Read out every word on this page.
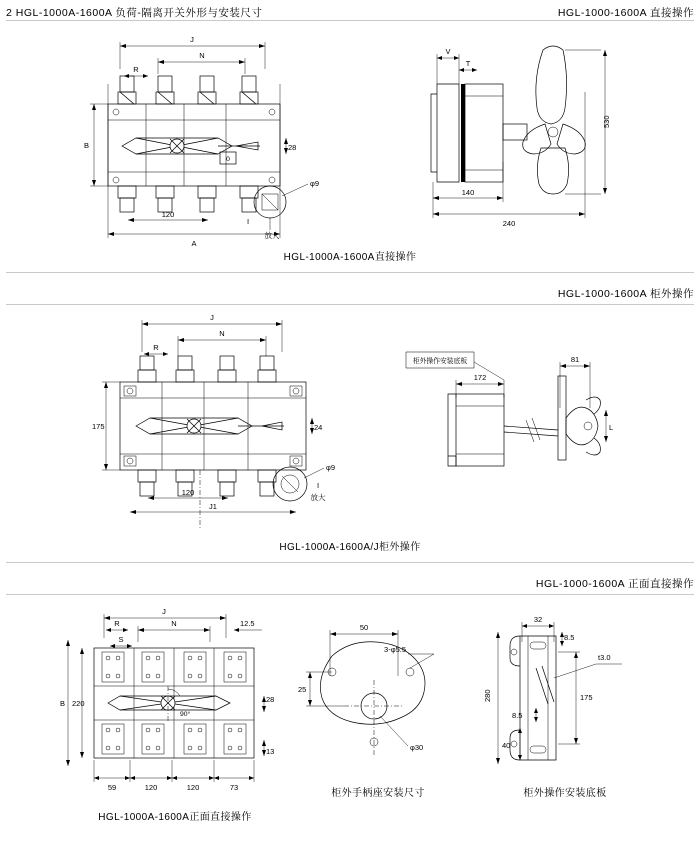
2 HGL-1000A-1600A 负荷-隔离开关外形与安装尺寸	HGL-1000-1600A 直接操作
A
J
N
R
0
28
B
120
φ9
I
放大
240
140
V
T
530
HGL-1000A-1600A直接操作
HGL-1000-1600A 柜外操作
J
N
R
175	24
120
J1
φ9
I
放大
柜外操作安装底板
172
81
L
HGL-1000A-1600A/J柜外操作
HGL-1000-1600A 正面直接操作
J
N
R	12.5
S
90°
220
B	28
13
59	120	120	73
HGL-1000A-1600A正面直接操作
50
25
3-φ5.5
φ30
柜外手柄座安装尺寸
32
8.5
t3.0
280	175
8.5
40
柜外操作安装底板
